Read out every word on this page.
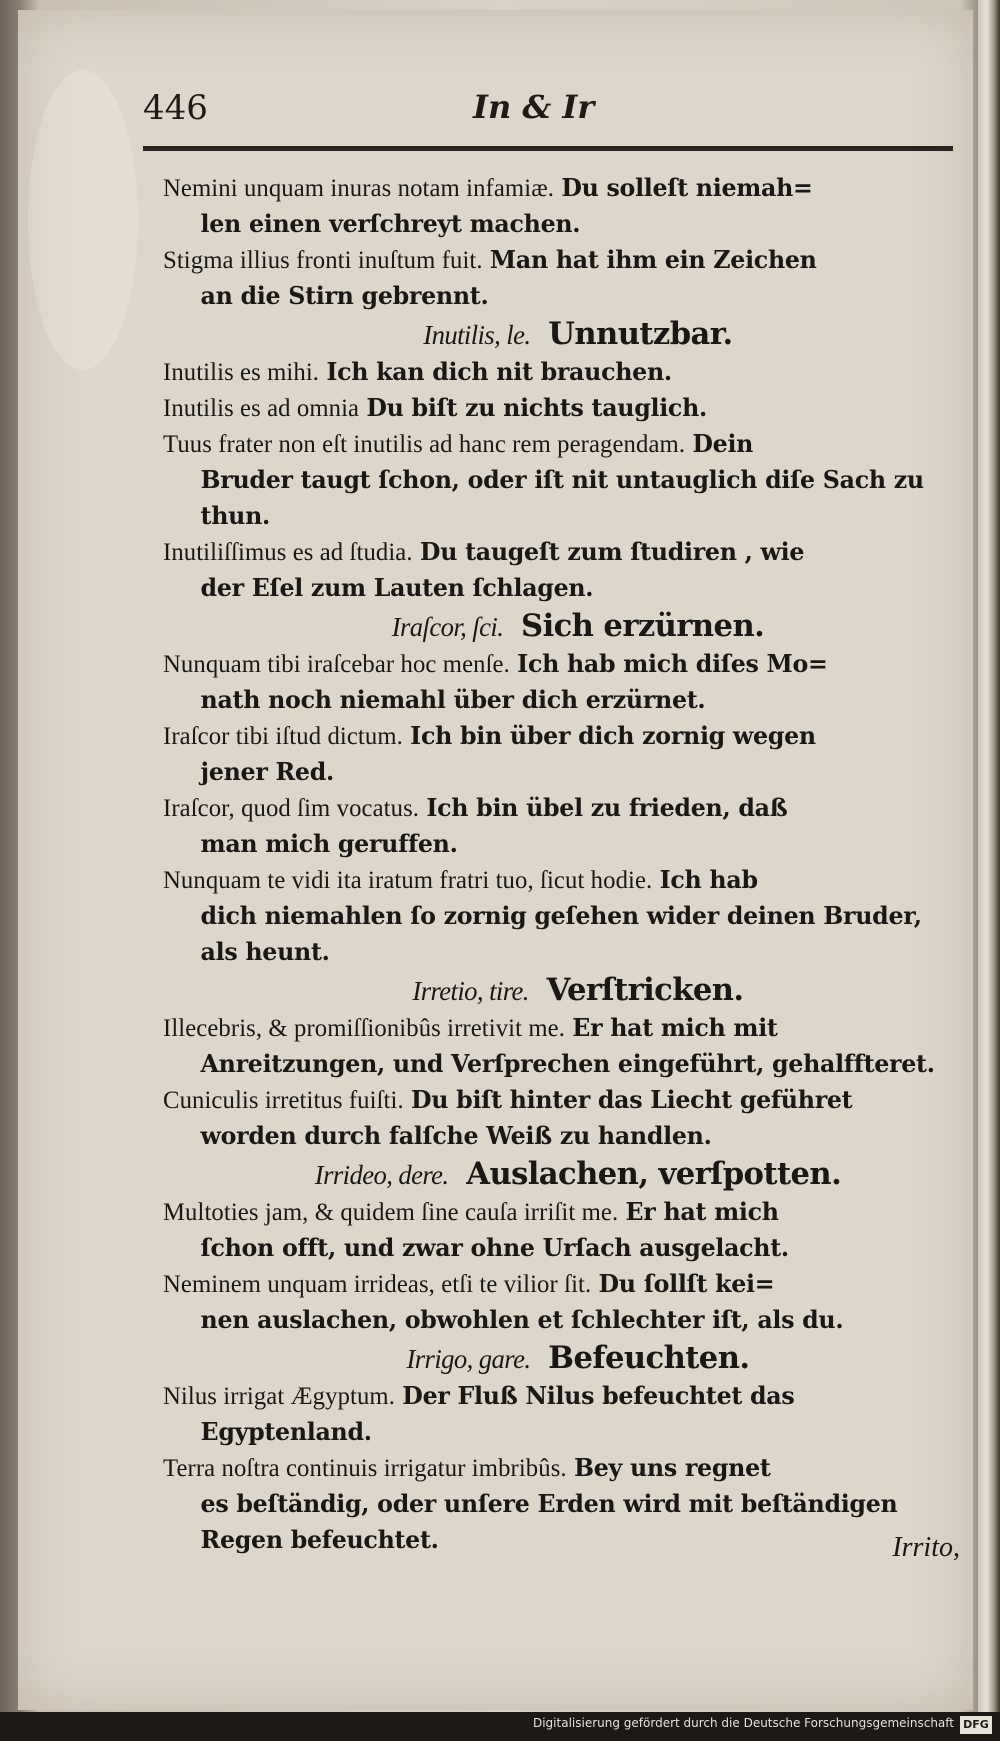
446	In & Ir
Nemini unquam inuras notam infamiæ. Du solleſt niemah=
len einen verſchreyt machen.
Stigma illius fronti inuſtum fuit. Man hat ihm ein Zeichen
an die Stirn gebrennt.
Inutilis, le. Unnutzbar.
Inutilis es mihi. Ich kan dich nit brauchen.
Inutilis es ad omnia Du biſt zu nichts tauglich.
Tuus frater non eſt inutilis ad hanc rem peragendam. Dein
Bruder taugt ſchon, oder iſt nit untauglich diſe Sach zu
thun.
Inutiliſſimus es ad ſtudia. Du taugeſt zum ſtudiren , wie
der Eſel zum Lauten ſchlagen.
Iraſcor, ſci. Sich erzürnen.
Nunquam tibi iraſcebar hoc menſe. Ich hab mich diſes Mo=
nath noch niemahl über dich erzürnet.
Iraſcor tibi iſtud dictum. Ich bin über dich zornig wegen
jener Red.
Iraſcor, quod ſim vocatus. Ich bin übel zu frieden, daß
man mich geruffen.
Nunquam te vidi ita iratum fratri tuo, ſicut hodie. Ich hab
dich niemahlen ſo zornig geſehen wider deinen Bruder,
als heunt.
Irretio, tire. Verſtricken.
Illecebris, & promiſſionibûs irretivit me. Er hat mich mit
Anreitzungen, und Verſprechen eingeführt, gehalffteret.
Cuniculis irretitus fuiſti. Du biſt hinter das Liecht geführet
worden durch falſche Weiß zu handlen.
Irrideo, dere. Auslachen, verſpotten.
Multoties jam, & quidem ſine cauſa irriſit me. Er hat mich
ſchon offt, und zwar ohne Urſach ausgelacht.
Neminem unquam irrideas, etſi te vilior ſit. Du ſollſt kei=
nen auslachen, obwohlen et ſchlechter iſt, als du.
Irrigo, gare. Befeuchten.
Nilus irrigat Ægyptum. Der Fluß Nilus befeuchtet das
Egyptenland.
Terra noſtra continuis irrigatur imbribûs. Bey uns regnet
es beſtändig, oder unſere Erden wird mit beſtändigen
Regen befeuchtet.	Irrito,
Digitalisierung gefördert durch die Deutsche Forschungsgemeinschaft DFG
